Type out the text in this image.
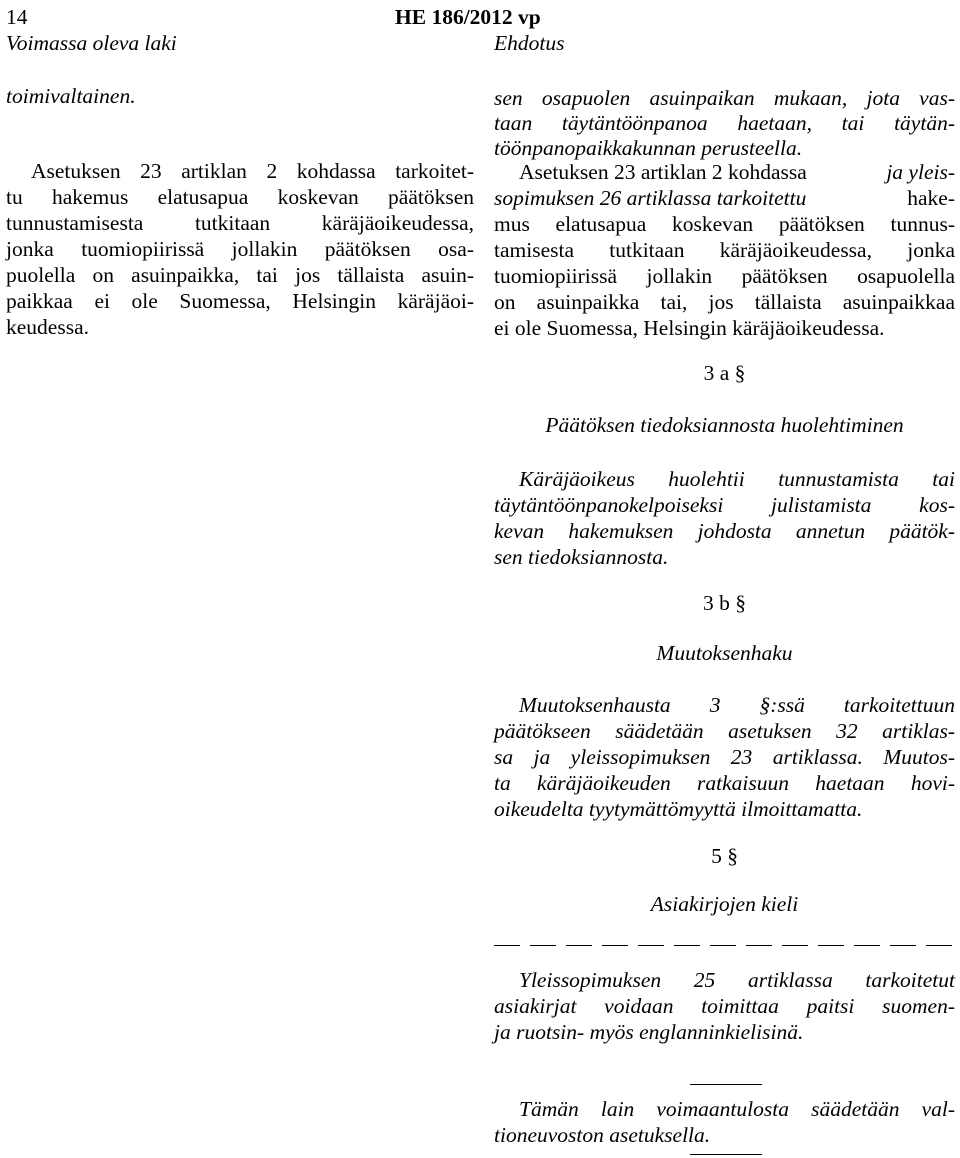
14	HE 186/2012 vp
Voimassa oleva laki	Ehdotus
toimivaltainen.
Asetuksen 23 artiklan 2 kohdassa tarkoitet-
tu hakemus elatusapua koskevan päätöksen
tunnustamisesta tutkitaan käräjäoikeudessa,
jonka tuomiopiirissä jollakin päätöksen osa-
puolella on asuinpaikka, tai jos tällaista asuin-
paikkaa ei ole Suomessa, Helsingin käräjäoi-
keudessa.
sen osapuolen asuinpaikan mukaan, jota vas-
taan täytäntöönpanoa haetaan, tai täytän-
töönpanopaikkakunnan perusteella.
Asetuksen 23 artiklan 2 kohdassa	ja yleis-
sopimuksen 26 artiklassa tarkoitettu	hake-
mus elatusapua koskevan päätöksen tunnus-
tamisesta tutkitaan käräjäoikeudessa, jonka
tuomiopiirissä jollakin päätöksen osapuolella
on asuinpaikka tai, jos tällaista asuinpaikkaa
ei ole Suomessa, Helsingin käräjäoikeudessa.
3 a §
Päätöksen tiedoksiannosta huolehtiminen
Käräjäoikeus huolehtii tunnustamista tai
täytäntöönpanokelpoiseksi julistamista kos-
kevan hakemuksen johdosta annetun päätök-
sen tiedoksiannosta.
3 b §
Muutoksenhaku
Muutoksenhausta 3 §:ssä tarkoitettuun
päätökseen säädetään asetuksen 32 artiklas-
sa ja yleissopimuksen 23 artiklassa. Muutos-
ta käräjäoikeuden ratkaisuun haetaan hovi-
oikeudelta tyytymättömyyttä ilmoittamatta.
5 §
Asiakirjojen kieli
Yleissopimuksen 25 artiklassa tarkoitetut
asiakirjat voidaan toimittaa paitsi suomen-
ja ruotsin- myös englanninkielisinä.
Tämän lain voimaantulosta säädetään val-
tioneuvoston asetuksella.
